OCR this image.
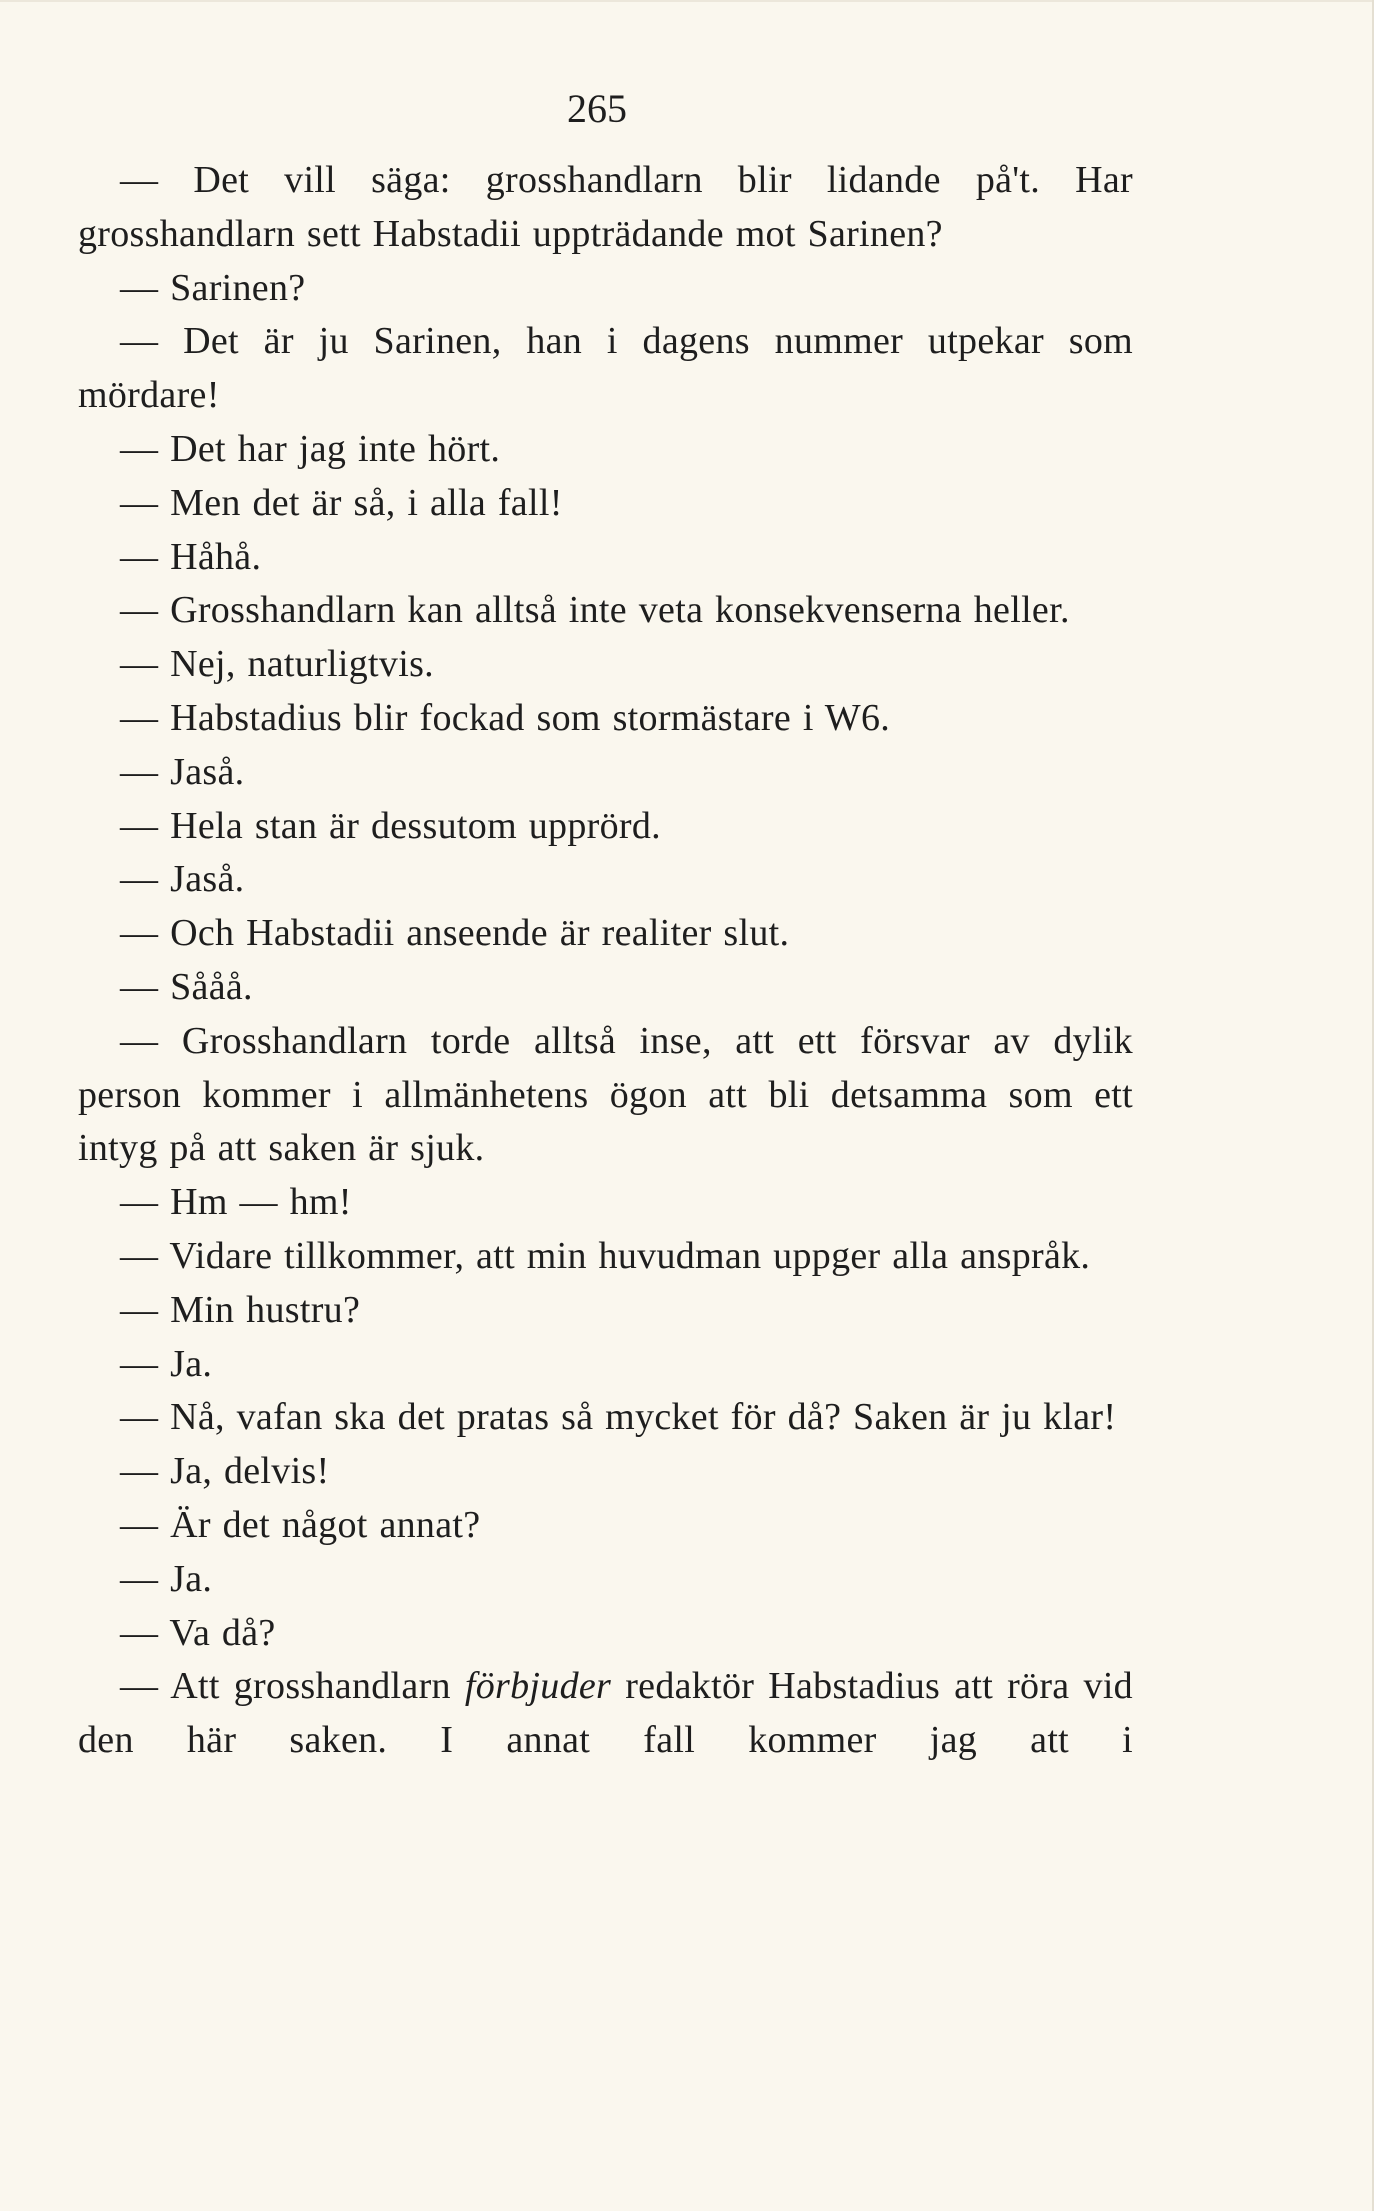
265

— Det vill säga: grosshandlarn blir lidande på't. Har grosshandlarn sett Habstadii uppträdande mot Sarinen?

— Sarinen?

— Det är ju Sarinen, han i dagens nummer utpekar som mördare!

— Det har jag inte hört.

— Men det är så, i alla fall!

— Håhå.

— Grosshandlarn kan alltså inte veta konsekvenserna heller.

— Nej, naturligtvis.

— Habstadius blir fockad som stormästare i W6.

— Jaså.

— Hela stan är dessutom upprörd.

— Jaså.

— Och Habstadii anseende är realiter slut.

— Sååå.

— Grosshandlarn torde alltså inse, att ett försvar av dylik person kommer i allmänhetens ögon att bli detsamma som ett intyg på att saken är sjuk.

— Hm — hm!

— Vidare tillkommer, att min huvudman uppger alla anspråk.

— Min hustru?

— Ja.

— Nå, vafan ska det pratas så mycket för då? Saken är ju klar!

— Ja, delvis!

— Är det något annat?

— Ja.

— Va då?

— Att grosshandlarn förbjuder redaktör Habstadius att röra vid den här saken. I annat fall kommer jag att i
